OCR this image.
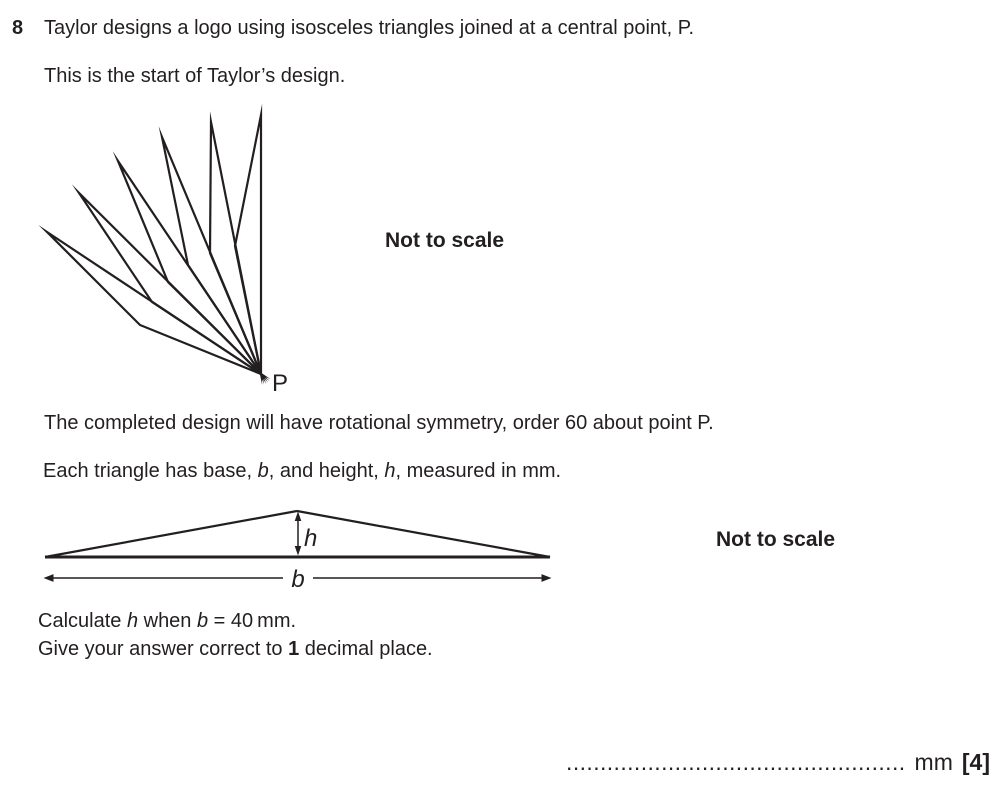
8 Taylor designs a logo using isosceles triangles joined at a central point, P.
This is the start of Taylor’s design.
P
Not to scale
The completed design will have rotational symmetry, order 60 about point P.
Each triangle has base, b, and height, h, measured in mm.
h
b
Not to scale
Calculate h when b = 40 mm.
Give your answer correct to 1 decimal place.
.................................................. mm [4]
